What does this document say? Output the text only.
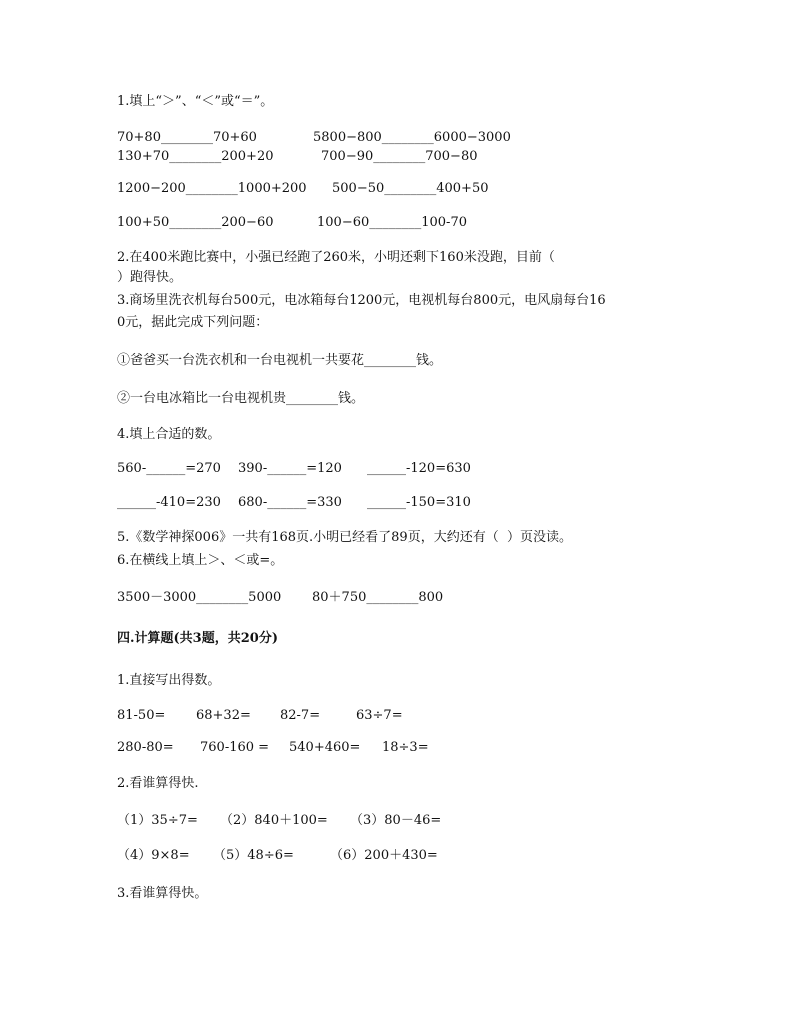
1.填上“＞”、“＜”或“＝”。
70+80________70+60	5800−800________6000−3000
130+70________200+20	700−90________700−80
1200−200________1000+200 500−50________400+50
100+50________200−60	100−60________100-70
2.在400米跑比赛中，小强已经跑了260米，小明还剩下160米没跑，目前（
）跑得快。
3.商场里洗衣机每台500元，电冰箱每台1200元，电视机每台800元，电风扇每台16
0元，据此完成下列问题：
①爸爸买一台洗衣机和一台电视机一共要花________钱。
②一台电冰箱比一台电视机贵________钱。
4.填上合适的数。
560-______=270 390-______=120 ______-120=630
______-410=230 680-______=330 ______-150=310
5.《数学神探006》一共有168页.小明已经看了89页，大约还有（  ）页没读。
6.在横线上填上＞、＜或=。
3500－3000________5000 80＋750________800
四.计算题(共3题，共20分)
1.直接写出得数。
81-50= 68+32= 82-7=	63÷7=
280-80= 760-160 = 540+460= 18÷3=
2.看谁算得快.
（1）35÷7= （2）840＋100= （3）80－46=
（4）9×8= （5）48÷6=	（6）200＋430=
3.看谁算得快。
